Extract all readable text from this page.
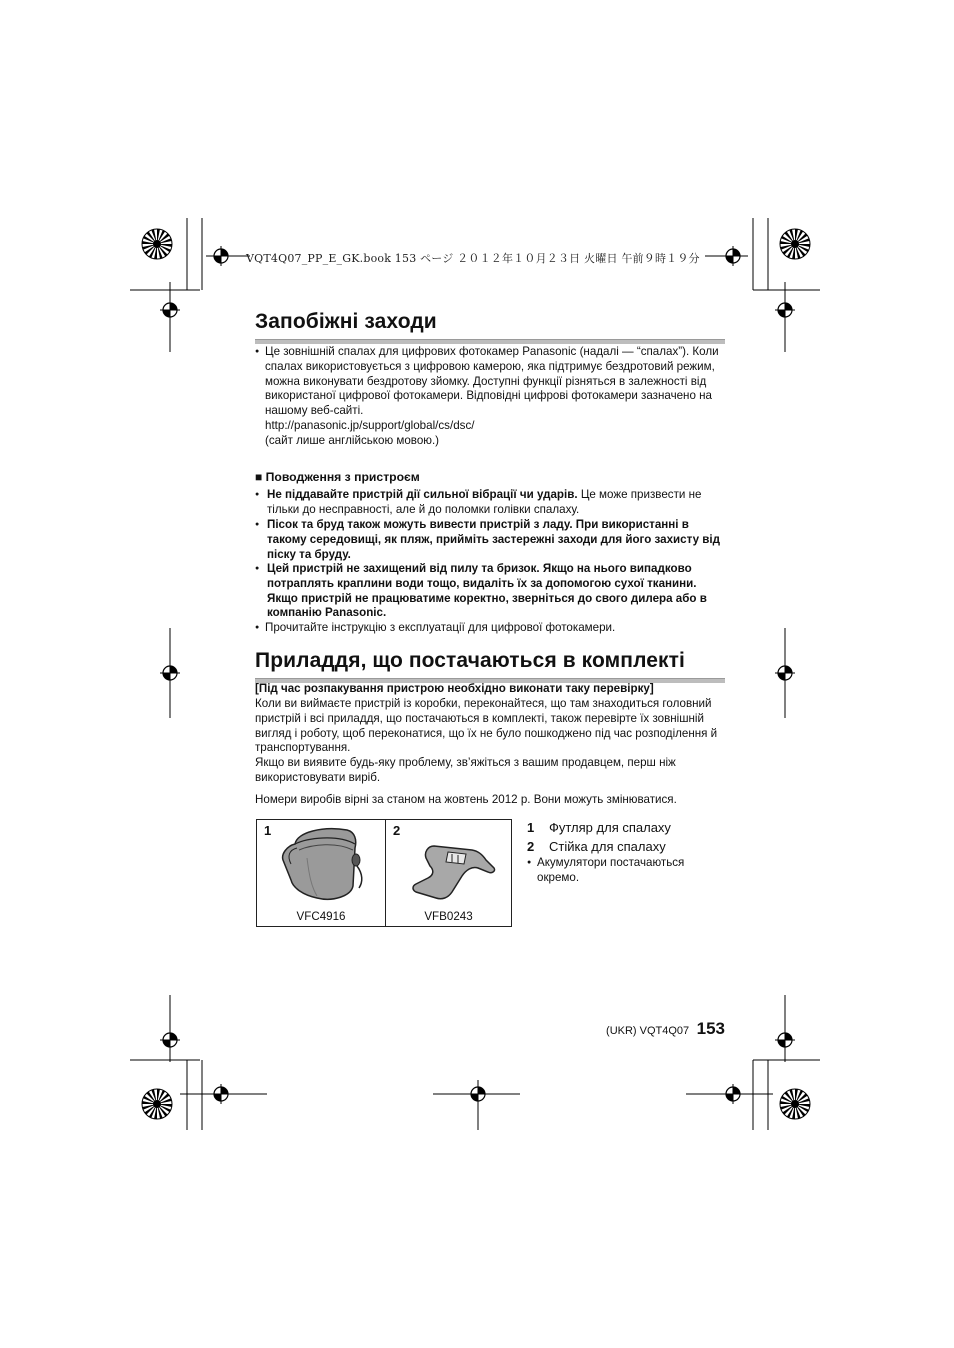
VQT4Q07_PP_E_GK.book 153 ページ ２０１２年１０月２３日 火曜日 午前９時１９分
Запобіжні заходи
● Це зовнішній спалах для цифрових фотокамер Panasonic (надалі — “спалах”). Коли спалах використовується з цифровою камерою, яка підтримує бездротовий режим, можна виконувати бездротову зйомку. Доступні функції різняться в залежності від використаної цифрової фотокамери. Відповідні цифрові фотокамери зазначено на нашому веб-сайті.
http://panasonic.jp/support/global/cs/dsc/
(сайт лише англійською мовою.)
■ Поводження з пристроєм
● Не піддавайте пристрій дії сильної вібрації чи ударів. Це може призвести не тільки до несправності, але й до поломки голівки спалаху.
● Пісок та бруд також можуть вивести пристрій з ладу. При використанні в такому середовищі, як пляж, прийміть застережні заходи для його захисту від піску та бруду.
● Цей пристрій не захищений від пилу та бризок. Якщо на нього випадково потраплять краплини води тощо, видаліть їх за допомогою сухої тканини. Якщо пристрій не працюватиме коректно, зверніться до свого дилера або в компанію Panasonic.
● Прочитайте інструкцію з експлуатації для цифрової фотокамери.
Приладдя, що постачаються в комплекті
[Під час розпакування пристрою необхідно виконати таку перевірку]
Коли ви виймаєте пристрій із коробки, переконайтеся, що там знаходиться головний пристрій і всі приладдя, що постачаються в комплекті, також перевірте їх зовнішній вигляд і роботу, щоб переконатися, що їх не було пошкоджено під час розподілення й транспортування.
Якщо ви виявите будь-яку проблему, зв’яжіться з вашим продавцем, перш ніж використовувати виріб.
Номери виробів вірні за станом на жовтень 2012 р. Вони можуть змінюватися.
1
VFC4916
2
VFB0243
1 Футляр для спалаху
2 Стійка для спалаху
● Акумулятори постачаються окремо.
(UKR) VQT4Q07 153
